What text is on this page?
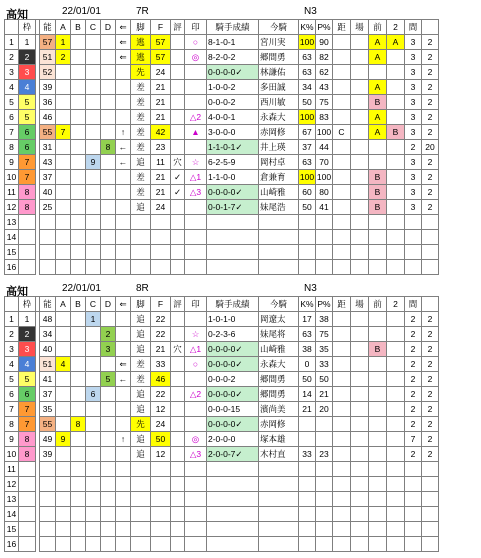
高知	22/01/01	7R	N3
	枠		能	A	B	C	D	⇐	脚	F	評	印	騎手成績	今騎	K%	P%	距	場	前	2	間	
1	1		57	1				⇐	逃	57		○	8-1-0-1	宮川実	100	90			A	A	3	2
2	2		51	2				⇐	逃	57		◎	8-2-0-2	郷間勇	63	82			A		3	2
3	3		52						先	24			0-0-0-0✓	林謙佑	63	62					3	2
4	4		39						差	21			1-0-0-2	多田誠	34	43			A		3	2
5	5		36						差	21			0-0-0-2	西川敏	50	75			B		3	2
6	5		46						差	21		△2	4-0-0-1	永森大	100	83			A		3	2
7	6		55	7				↑	差	42		▲	3-0-0-0	赤岡修	67	100	C		A	B	3	2
8	6		31				8	←	差	23			1-1-0-1✓	井上瑛	37	44					2	20
9	7		43			9		←	追	11	穴	☆	6-2-5-9	岡村卓	63	70					3	2
10	7		37						差	21	✓	△1	1-1-0-0	倉兼育	100	100			B		3	2
11	8		40						差	21	✓	△3	0-0-0-0✓	山崎雅	60	80			B		3	2
12	8		25						追	24			0-0-1-7✓	妹尾浩	50	41			B		3	2
13																						
14																						
15																						
16																						
高知	22/01/01	8R	N3
	枠		能	A	B	C	D	⇐	脚	F	評	印	騎手成績	今騎	K%	P%	距	場	前	2	間	
1	1		48			1			追	22			1-0-1-0	岡遼太	17	38					2	2
2	2		34				2		追	22		☆	0-2-3-6	妹尾将	63	75					2	2
3	3		40				3		追	21	穴	△1	0-0-0-0✓	山崎雅	38	35			B		2	2
4	4		51	4				⇐	差	33		○	0-0-0-0✓	永森大	0	33					2	2
5	5		41				5	←	差	46			0-0-0-2	郷間勇	50	50					2	2
6	6		37			6			追	22		△2	0-0-0-0✓	郷間勇	14	21					2	2
7	7		35						追	12			0-0-0-15	濱尚美	21	20					2	2
8	7		55		8				先	24			0-0-0-0✓	赤岡修							2	2
9	8		49	9				↑	追	50		◎	2-0-0-0	塚本雄							7	2
10	8		39						追	12		△3	2-0-0-7✓	木村直	33	23					2	2
11																						
12																						
13																						
14																						
15																						
16																						
